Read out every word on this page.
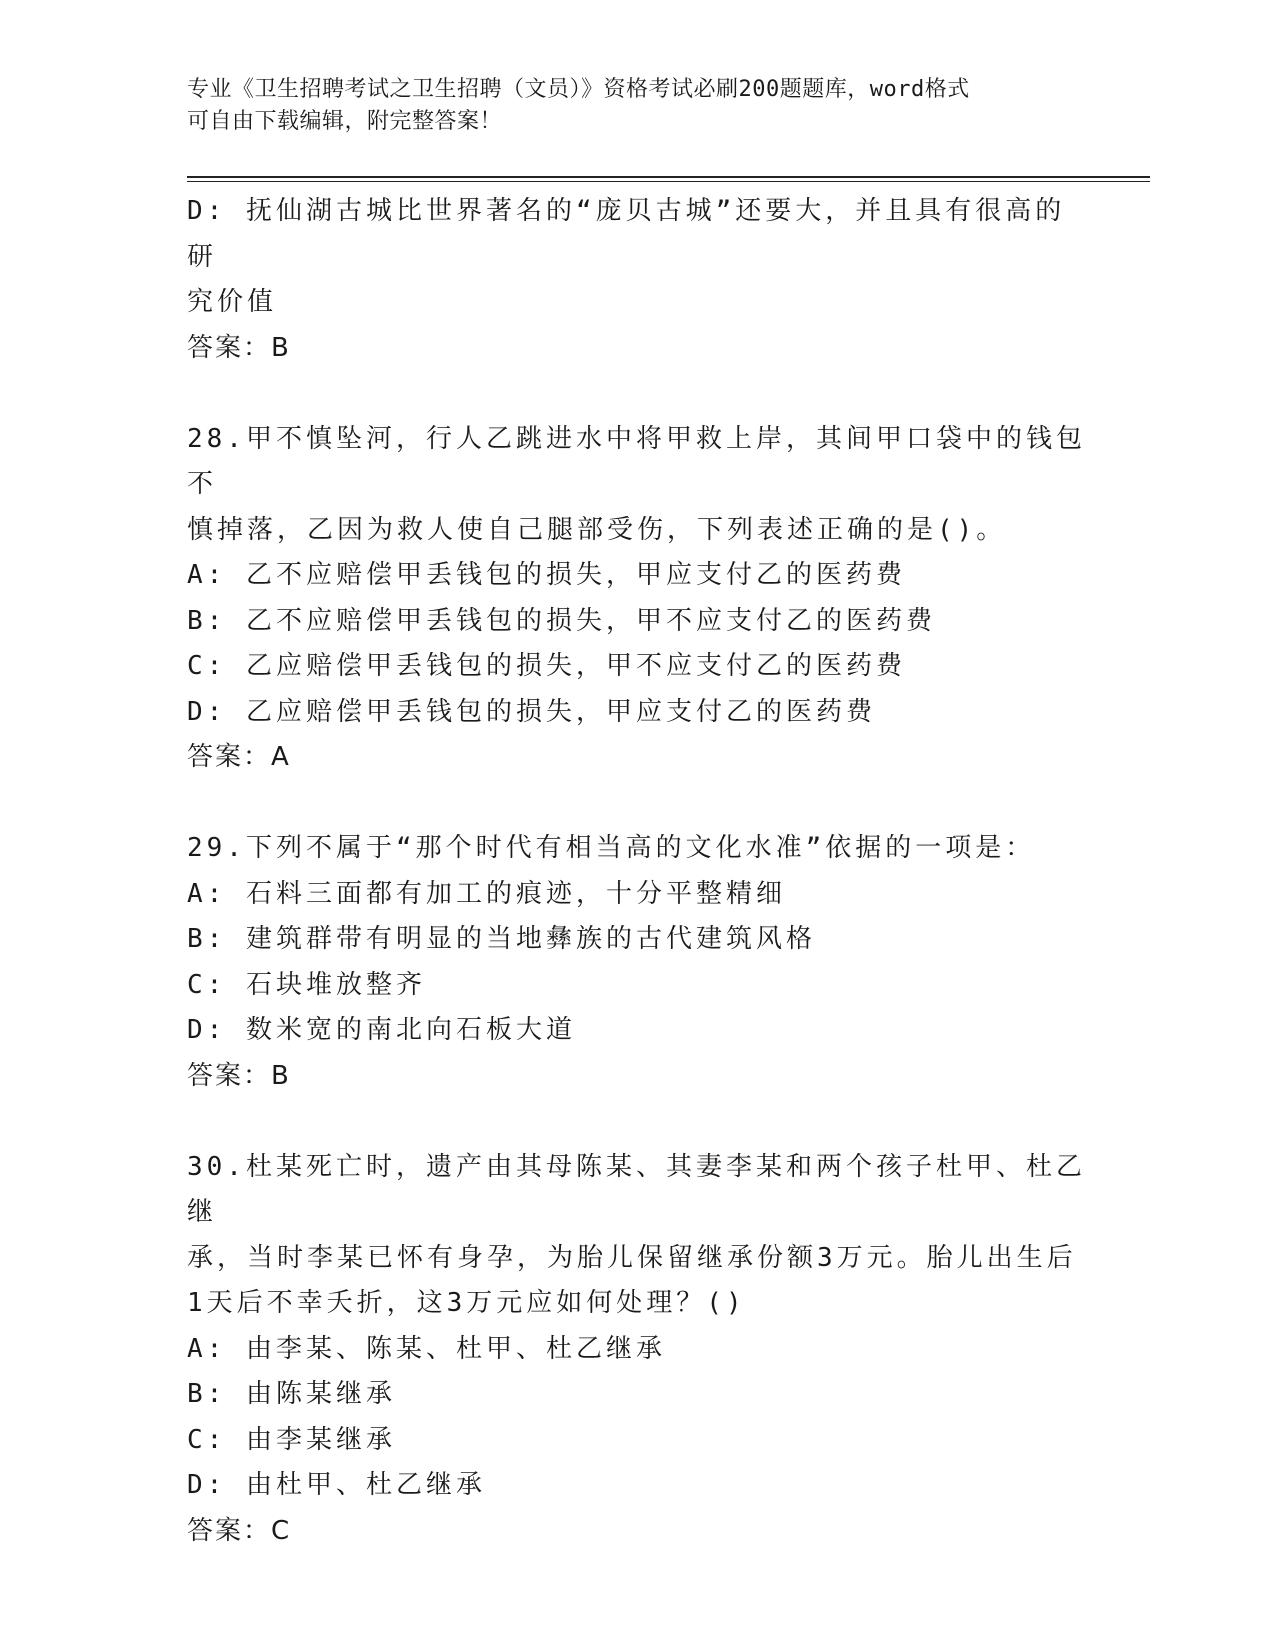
专业《卫生招聘考试之卫生招聘（文员）》资格考试必刷200题题库，word格式
可自由下载编辑，附完整答案！
D: 抚仙湖古城比世界著名的“庞贝古城”还要大，并且具有很高的研
究价值
答案：B
28.甲不慎坠河，行人乙跳进水中将甲救上岸，其间甲口袋中的钱包不
慎掉落，乙因为救人使自己腿部受伤，下列表述正确的是()。
A: 乙不应赔偿甲丢钱包的损失，甲应支付乙的医药费
B: 乙不应赔偿甲丢钱包的损失，甲不应支付乙的医药费
C: 乙应赔偿甲丢钱包的损失，甲不应支付乙的医药费
D: 乙应赔偿甲丢钱包的损失，甲应支付乙的医药费
答案：A
29.下列不属于“那个时代有相当高的文化水准”依据的一项是：
A: 石料三面都有加工的痕迹，十分平整精细
B: 建筑群带有明显的当地彝族的古代建筑风格
C: 石块堆放整齐
D: 数米宽的南北向石板大道
答案：B
30.杜某死亡时，遗产由其母陈某、其妻李某和两个孩子杜甲、杜乙继
承，当时李某已怀有身孕，为胎儿保留继承份额3万元。胎儿出生后
1天后不幸夭折，这3万元应如何处理？()
A: 由李某、陈某、杜甲、杜乙继承
B: 由陈某继承
C: 由李某继承
D: 由杜甲、杜乙继承
答案：C
